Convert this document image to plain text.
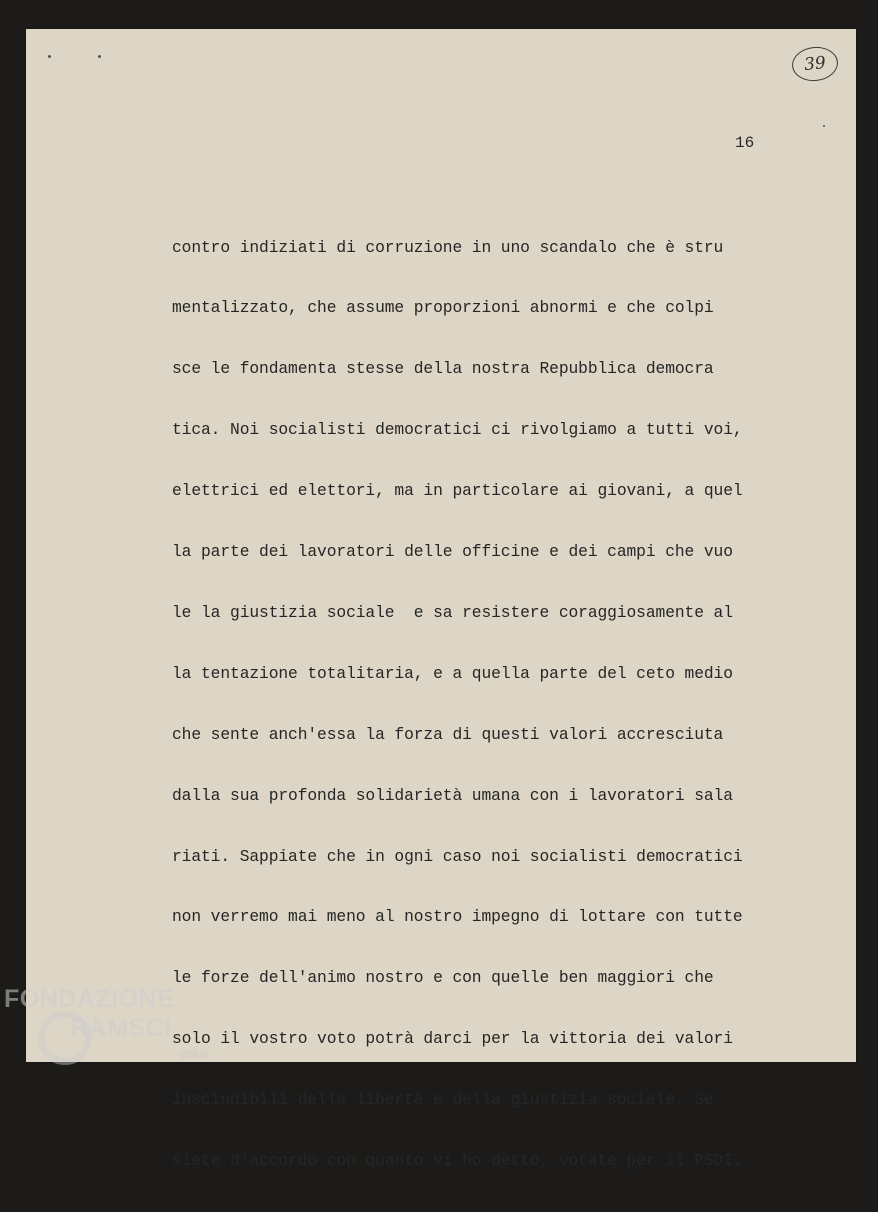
39
16

contro indiziati di corruzione in uno scandalo che è stru

mentalizzato, che assume proporzioni abnormi e che colpi

sce le fondamenta stesse della nostra Repubblica democra

tica. Noi socialisti democratici ci rivolgiamo a tutti voi,

elettrici ed elettori, ma in particolare ai giovani, a quel

la parte dei lavoratori delle officine e dei campi che vuo

le la giustizia sociale  e sa resistere coraggiosamente al

la tentazione totalitaria, e a quella parte del ceto medio

che sente anch'essa la forza di questi valori accresciuta

dalla sua profonda solidarietà umana con i lavoratori sala

riati. Sappiate che in ogni caso noi socialisti democratici

non verremo mai meno al nostro impegno di lottare con tutte

le forze dell'animo nostro e con quelle ben maggiori che

solo il vostro voto potrà darci per la vittoria dei valori

inscindibili della libertà e della giustizia sociale. Se

siete d'accordo con quanto vi ho detto, votate per il PSDI.

FONDAZIONE
RAMSCI
onlus
